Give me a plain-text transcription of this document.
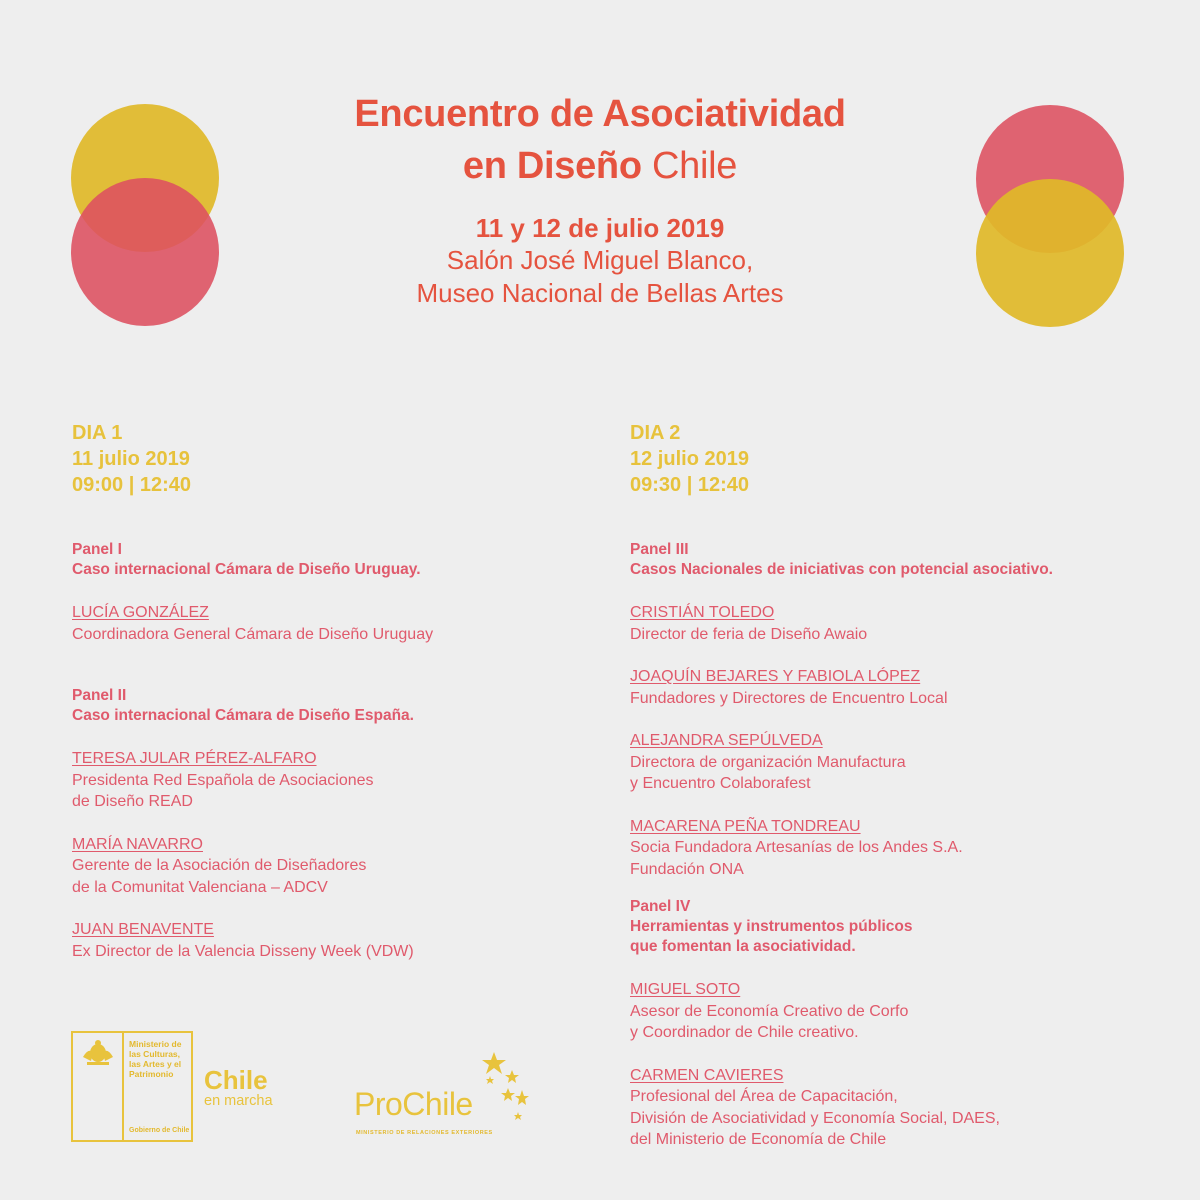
Encuentro de Asociatividad
en Diseño Chile
11 y 12 de julio 2019
Salón José Miguel Blanco,
Museo Nacional de Bellas Artes
DIA 1
11 julio 2019
09:00 | 12:40
Panel I
Caso internacional Cámara de Diseño Uruguay.
LUCÍA GONZÁLEZ
Coordinadora General Cámara de Diseño Uruguay
Panel II
Caso internacional Cámara de Diseño España.
TERESA JULAR PÉREZ-ALFARO
Presidenta Red Española de Asociaciones
de Diseño READ
MARÍA NAVARRO
Gerente de la Asociación de Diseñadores
de la Comunitat Valenciana – ADCV
JUAN BENAVENTE
Ex Director de la Valencia Disseny Week (VDW)
DIA 2
12 julio 2019
09:30 | 12:40
Panel III
Casos Nacionales de iniciativas con potencial asociativo.
CRISTIÁN TOLEDO
Director de feria de Diseño Awaio
JOAQUÍN BEJARES Y FABIOLA LÓPEZ
Fundadores y Directores de Encuentro Local
ALEJANDRA SEPÚLVEDA
Directora de organización Manufactura
y Encuentro Colaborafest
MACARENA PEÑA TONDREAU
Socia Fundadora Artesanías de los Andes S.A.
Fundación ONA
Panel IV
Herramientas y instrumentos públicos
que fomentan la asociatividad.
MIGUEL SOTO
Asesor de Economía Creativo de Corfo
y Coordinador de Chile creativo.
CARMEN CAVIERES
Profesional del Área de Capacitación,
División de Asociatividad y Economía Social, DAES,
del Ministerio de Economía de Chile
Ministerio de
las Culturas,
las Artes y el
Patrimonio
Gobierno de Chile
Chile
en marcha	ProChile
MINISTERIO DE RELACIONES EXTERIORES
